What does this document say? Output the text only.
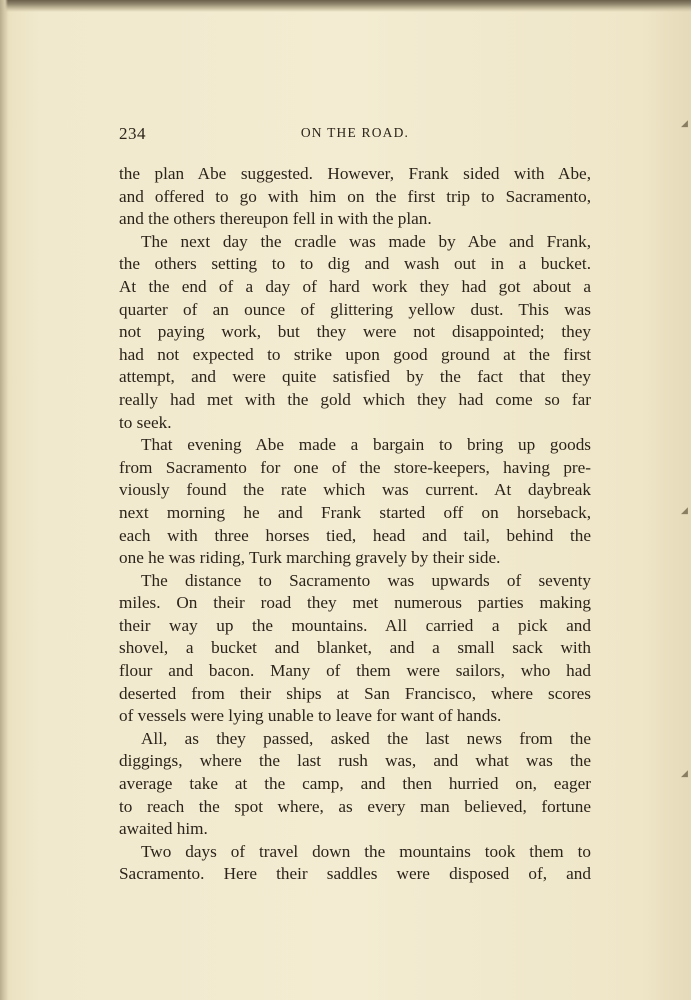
234	ON THE ROAD.
the plan Abe suggested. However, Frank sided with Abe,
and offered to go with him on the first trip to Sacramento,
and the others thereupon fell in with the plan.
The next day the cradle was made by Abe and Frank,
the others setting to to dig and wash out in a bucket.
At the end of a day of hard work they had got about a
quarter of an ounce of glittering yellow dust. This was
not paying work, but they were not disappointed; they
had not expected to strike upon good ground at the first
attempt, and were quite satisfied by the fact that they
really had met with the gold which they had come so far
to seek.
That evening Abe made a bargain to bring up goods
from Sacramento for one of the store-keepers, having pre-
viously found the rate which was current. At daybreak
next morning he and Frank started off on horseback,
each with three horses tied, head and tail, behind the
one he was riding, Turk marching gravely by their side.
The distance to Sacramento was upwards of seventy
miles. On their road they met numerous parties making
their way up the mountains. All carried a pick and
shovel, a bucket and blanket, and a small sack with
flour and bacon. Many of them were sailors, who had
deserted from their ships at San Francisco, where scores
of vessels were lying unable to leave for want of hands.
All, as they passed, asked the last news from the
diggings, where the last rush was, and what was the
average take at the camp, and then hurried on, eager
to reach the spot where, as every man believed, fortune
awaited him.
Two days of travel down the mountains took them to
Sacramento. Here their saddles were disposed of, and
◢
◢
◢
